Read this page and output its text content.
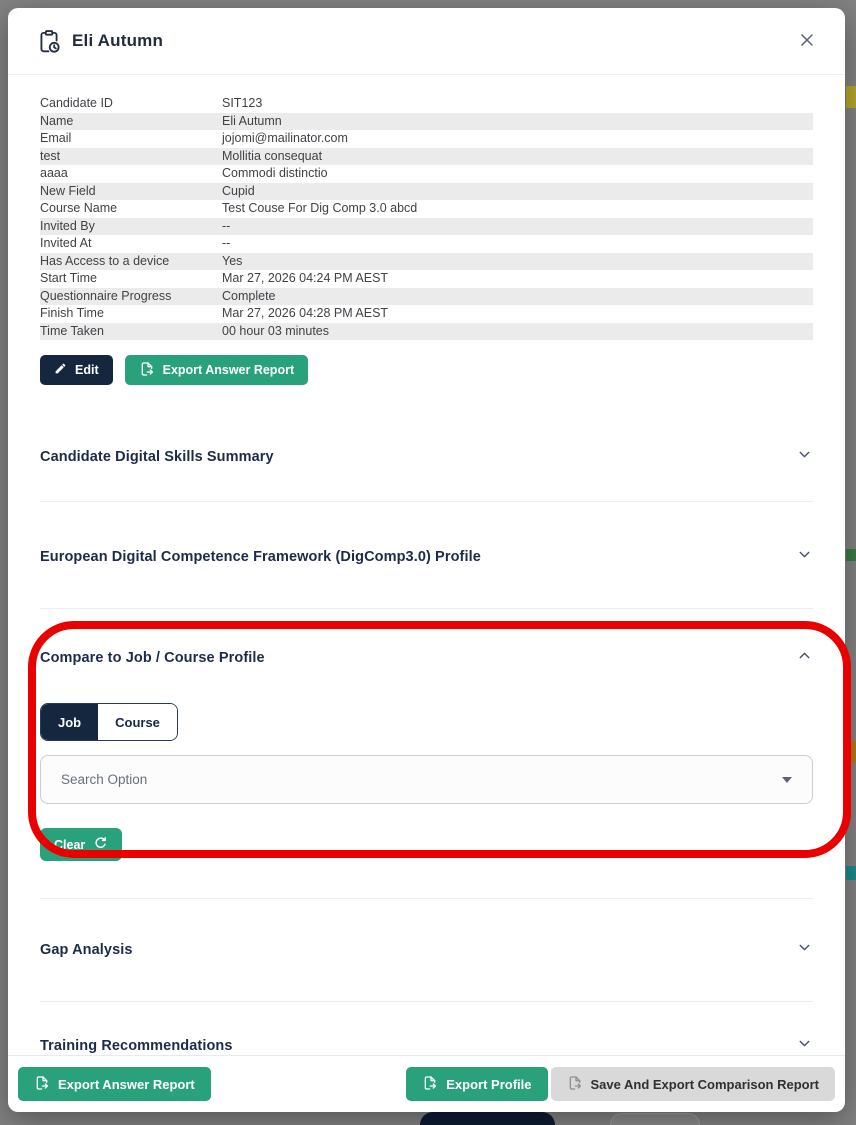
Eli Autumn
Candidate ID	SIT123
Name	Eli Autumn
Email	jojomi@mailinator.com
test	Mollitia consequat
aaaa	Commodi distinctio
New Field	Cupid
Course Name	Test Couse For Dig Comp 3.0 abcd
Invited By	--
Invited At	--
Has Access to a device	Yes
Start Time	Mar 27, 2026 04:24 PM AEST
Questionnaire Progress	Complete
Finish Time	Mar 27, 2026 04:28 PM AEST
Time Taken	00 hour 03 minutes
Edit	Export Answer Report
Candidate Digital Skills Summary
European Digital Competence Framework (DigComp3.0) Profile
Compare to Job / Course Profile
Job	Course
Search Option
Clear
Gap Analysis
Training Recommendations
Export Answer Report	Export Profile	Save And Export Comparison Report
